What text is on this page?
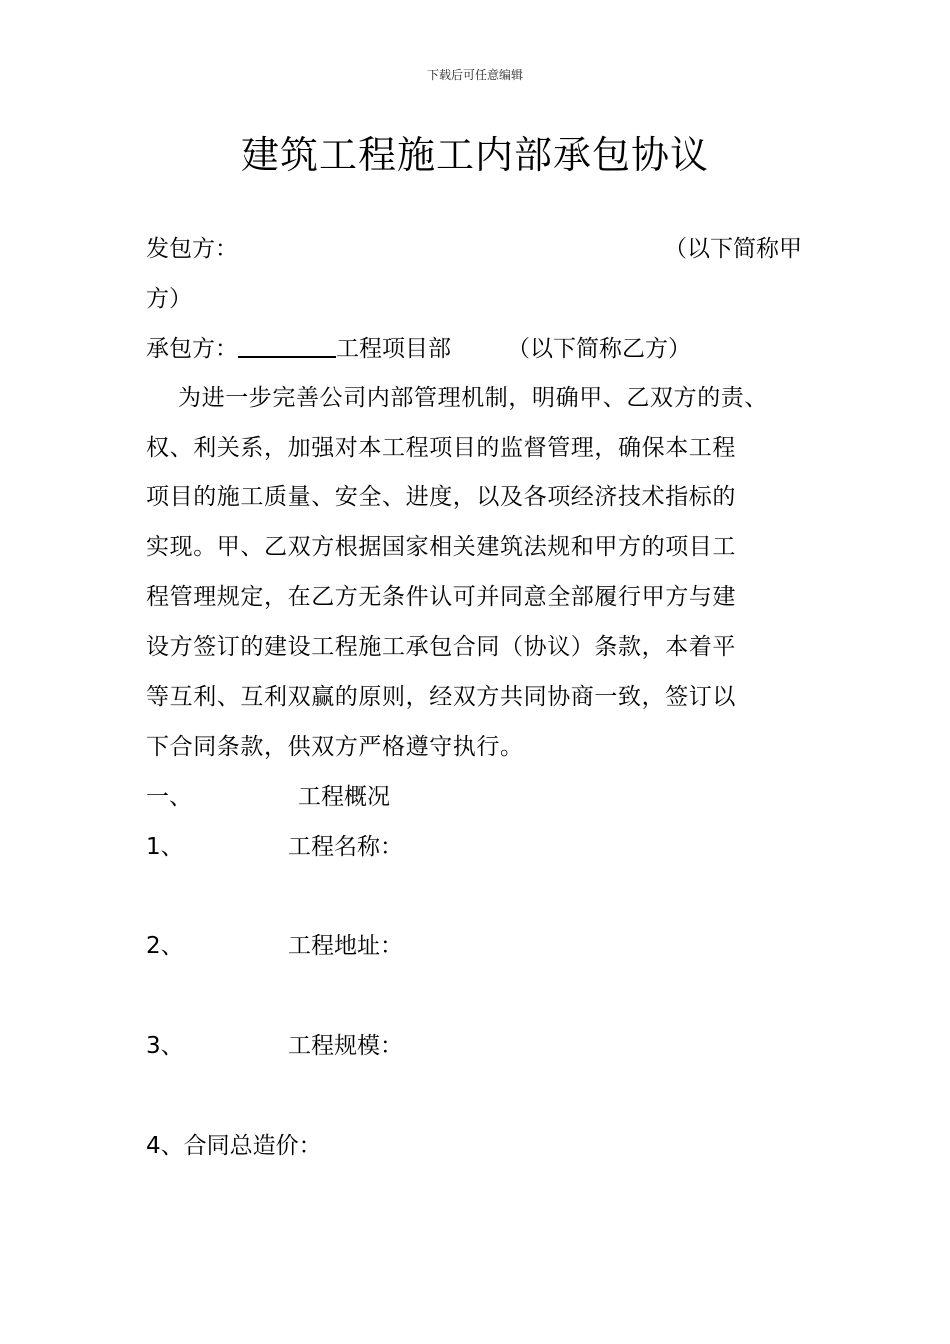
下载后可任意编辑
建筑工程施工内部承包协议
发包方：	（以下简称甲
方）
承包方：	工程项目部 （以下简称乙方）
为进一步完善公司内部管理机制，明确甲、乙双方的责、
权、利关系，加强对本工程项目的监督管理，确保本工程
项目的施工质量、安全、进度，以及各项经济技术指标的
实现。甲、乙双方根据国家相关建筑法规和甲方的项目工
程管理规定，在乙方无条件认可并同意全部履行甲方与建
设方签订的建设工程施工承包合同（协议）条款，本着平
等互利、互利双赢的原则，经双方共同协商一致，签订以
下合同条款，供双方严格遵守执行。
一、	工程概况
1、	工程名称：
2、	工程地址：
3、	工程规模：
4、合同总造价：
